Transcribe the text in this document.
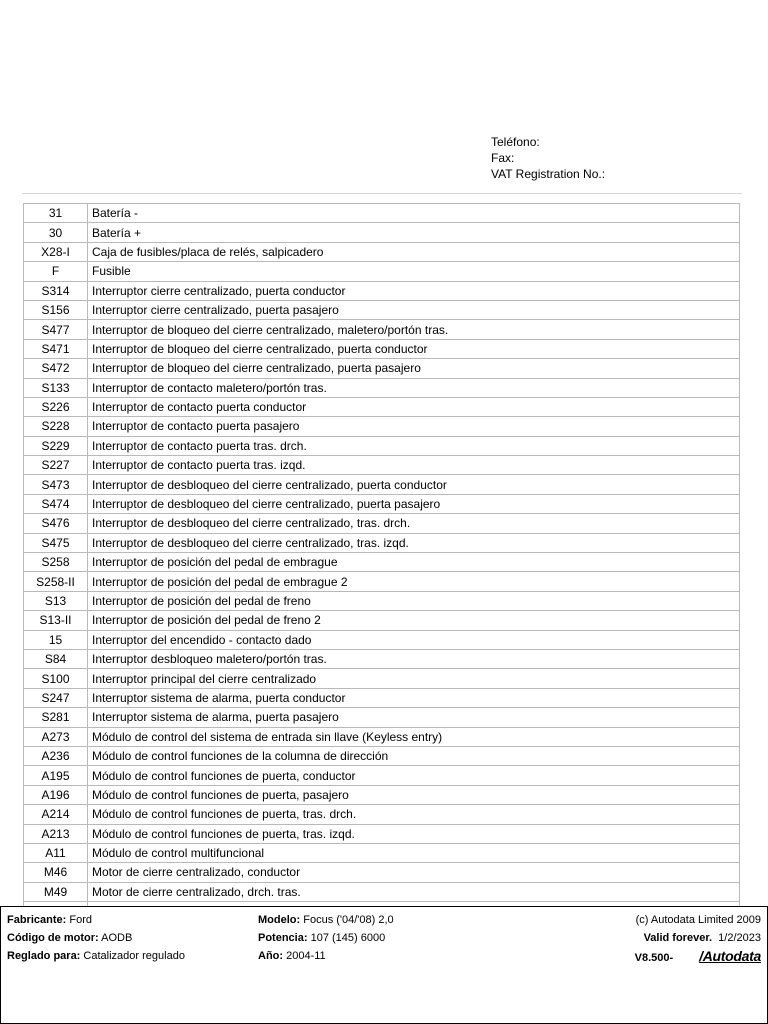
Teléfono:
Fax:
VAT Registration No.:
31	Batería -
30	Batería +
X28-I	Caja de fusibles/placa de relés, salpicadero
F	Fusible
S314	Interruptor cierre centralizado, puerta conductor
S156	Interruptor cierre centralizado, puerta pasajero
S477	Interruptor de bloqueo del cierre centralizado, maletero/portón tras.
S471	Interruptor de bloqueo del cierre centralizado, puerta conductor
S472	Interruptor de bloqueo del cierre centralizado, puerta pasajero
S133	Interruptor de contacto maletero/portón tras.
S226	Interruptor de contacto puerta conductor
S228	Interruptor de contacto puerta pasajero
S229	Interruptor de contacto puerta tras. drch.
S227	Interruptor de contacto puerta tras. izqd.
S473	Interruptor de desbloqueo del cierre centralizado, puerta conductor
S474	Interruptor de desbloqueo del cierre centralizado, puerta pasajero
S476	Interruptor de desbloqueo del cierre centralizado, tras. drch.
S475	Interruptor de desbloqueo del cierre centralizado, tras. izqd.
S258	Interruptor de posición del pedal de embrague
S258-II	Interruptor de posición del pedal de embrague 2
S13	Interruptor de posición del pedal de freno
S13-II	Interruptor de posición del pedal de freno 2
15	Interruptor del encendido - contacto dado
S84	Interruptor desbloqueo maletero/portón tras.
S100	Interruptor principal del cierre centralizado
S247	Interruptor sistema de alarma, puerta conductor
S281	Interruptor sistema de alarma, puerta pasajero
A273	Módulo de control del sistema de entrada sin llave (Keyless entry)
A236	Módulo de control funciones de la columna de dirección
A195	Módulo de control funciones de puerta, conductor
A196	Módulo de control funciones de puerta, pasajero
A214	Módulo de control funciones de puerta, tras. drch.
A213	Módulo de control funciones de puerta, tras. izqd.
A11	Módulo de control multifuncional
M46	Motor de cierre centralizado, conductor
M49	Motor de cierre centralizado, drch. tras.

Fabricante: Ford
Código de motor: AODB
Reglado para: Catalizador regulado
Modelo: Focus ('04/'08) 2,0
Potencia: 107 (145) 6000
Año: 2004-11
(c) Autodata Limited 2009
Valid forever. 1/2/2023
V8.500- /Autodata
